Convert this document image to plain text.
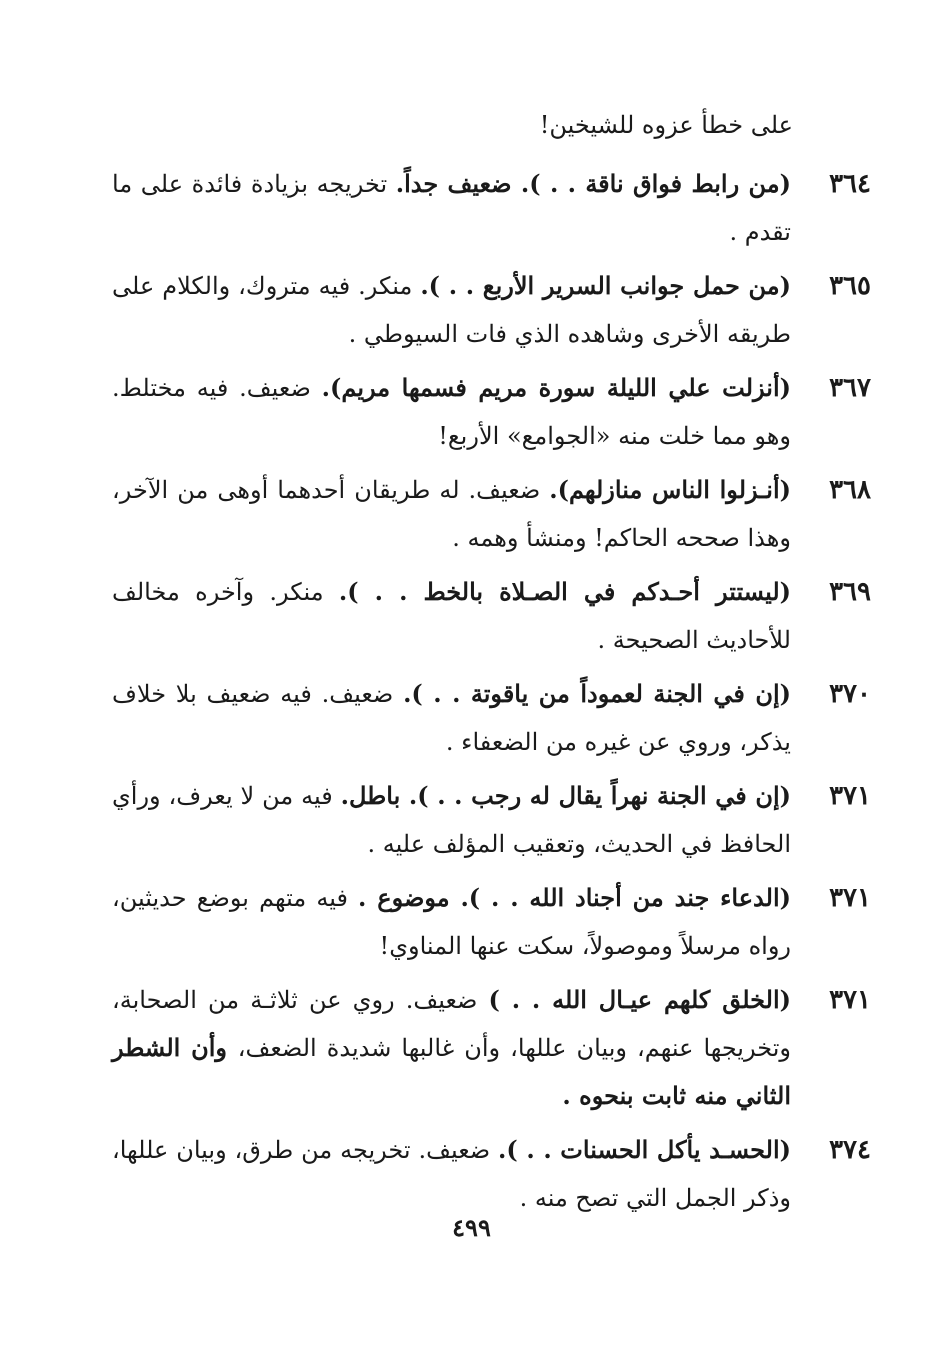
على خطأ عزوه للشيخين!
٣٦٤
(من رابط فواق ناقة . . ). ضعيف جداً. تخريجه بزيادة فائدة على ما تقدم .
٣٦٥
(من حمل جوانب السرير الأربع . . ). منكر. فيه متروك، والكلام على طريقه الأخرى وشاهده الذي فات السيوطي .
٣٦٧
(أنزلت علي الليلة سورة مريم فسمها مريم). ضعيف. فيه مختلط. وهو مما خلت منه «الجوامع» الأربع!
٣٦٨
(أنـزلوا الناس منازلهم). ضعيف. له طريقان أحدهما أوهى من الآخر، وهذا صححه الحاكم! ومنشأ وهمه .
٣٦٩
(ليستتر أحـدكم في الصـلاة بالخط . . ). منكر. وآخره مخالف للأحاديث الصحيحة .
٣٧٠
(إن في الجنة لعموداً من ياقوتة . . ). ضعيف. فيه ضعيف بلا خلاف يذكر، وروي عن غيره من الضعفاء .
٣٧١
(إن في الجنة نهراً يقال له رجب . . ). باطل. فيه من لا يعرف، ورأي الحافظ في الحديث، وتعقيب المؤلف عليه .
٣٧١
(الدعاء جند من أجناد الله . . ). موضوع . فيه متهم بوضع حديثين، رواه مرسلاً وموصولاً، سكت عنها المناوي!
٣٧١
(الخلق كلهم عيـال الله . . ) ضعيف. روي عن ثلاثـة من الصحابة، وتخريجها عنهم، وبيان عللها، وأن غالبها شديدة الضعف، وأن الشطر الثاني منه ثابت بنحوه .
٣٧٤
(الحسـد يأكل الحسنات . . ). ضعيف. تخريجه من طرق، وبيان عللها، وذكر الجمل التي تصح منه .
٤٩٩
